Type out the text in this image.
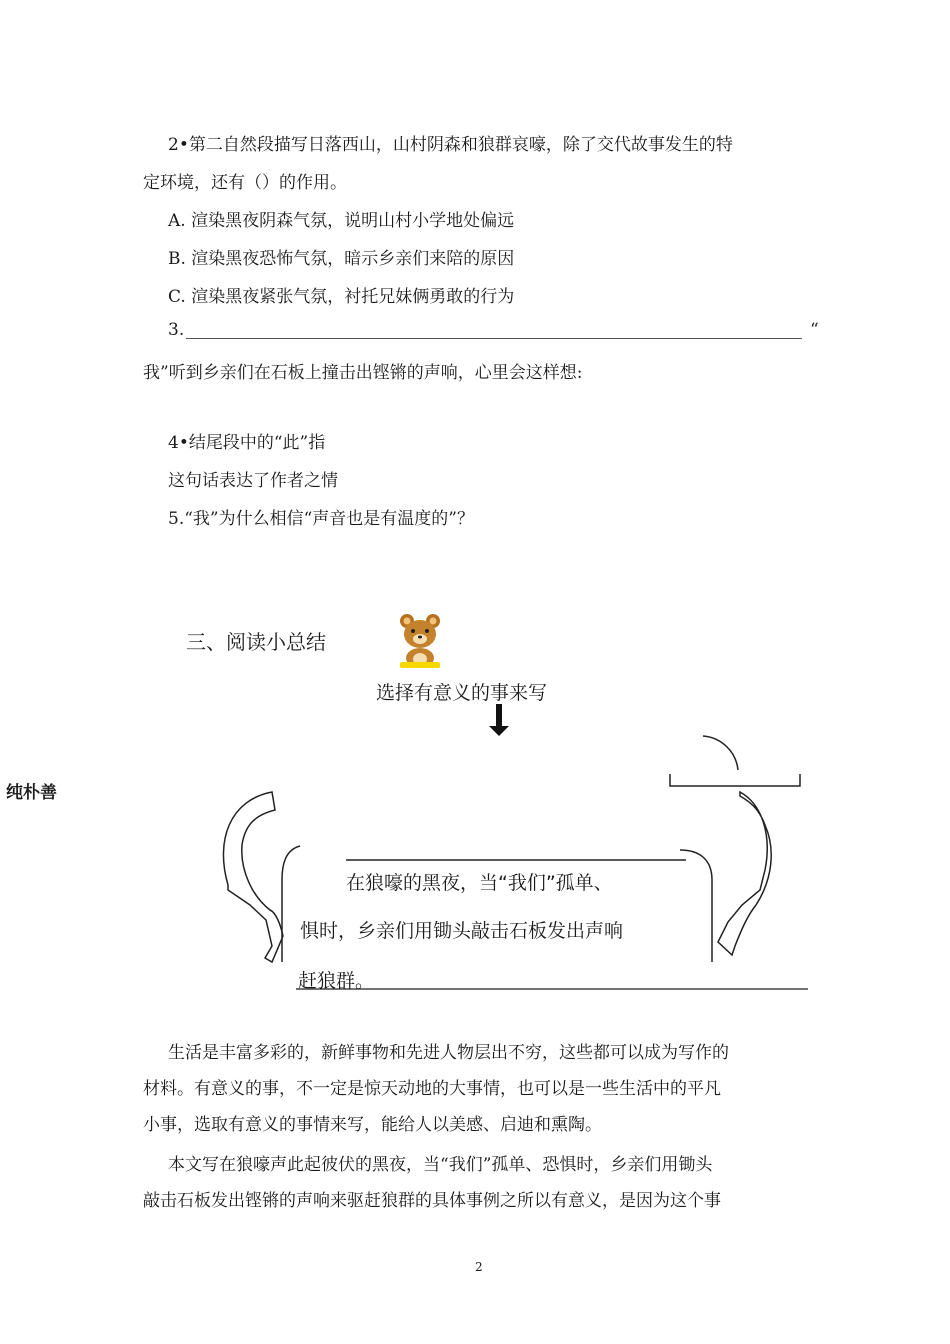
2•第二自然段描写日落西山，山村阴森和狼群哀嚎，除了交代故事发生的特
定环境，还有（）的作用。
A. 渲染黑夜阴森气氛，说明山村小学地处偏远
B. 渲染黑夜恐怖气氛，暗示乡亲们来陪的原因
C. 渲染黑夜紧张气氛，衬托兄妹俩勇敢的行为
3.	“
我”听到乡亲们在石板上撞击出铿锵的声响，心里会这样想:
4•结尾段中的“此”指
这句话表达了作者之情
5.“我”为什么相信“声音也是有温度的”？
三、阅读小总结
选择有意义的事来写
纯朴善
在狼嚎的黑夜，当“我们”孤单、
惧时，乡亲们用锄头敲击石板发出声响
赶狼群。
生活是丰富多彩的，新鲜事物和先进人物层出不穷，这些都可以成为写作的
材料。有意义的事，不一定是惊天动地的大事情，也可以是一些生活中的平凡
小事，选取有意义的事情来写，能给人以美感、启迪和熏陶。
本文写在狼嚎声此起彼伏的黑夜，当“我们”孤单、恐惧时，乡亲们用锄头
敲击石板发出铿锵的声响来驱赶狼群的具体事例之所以有意义，是因为这个事
2
